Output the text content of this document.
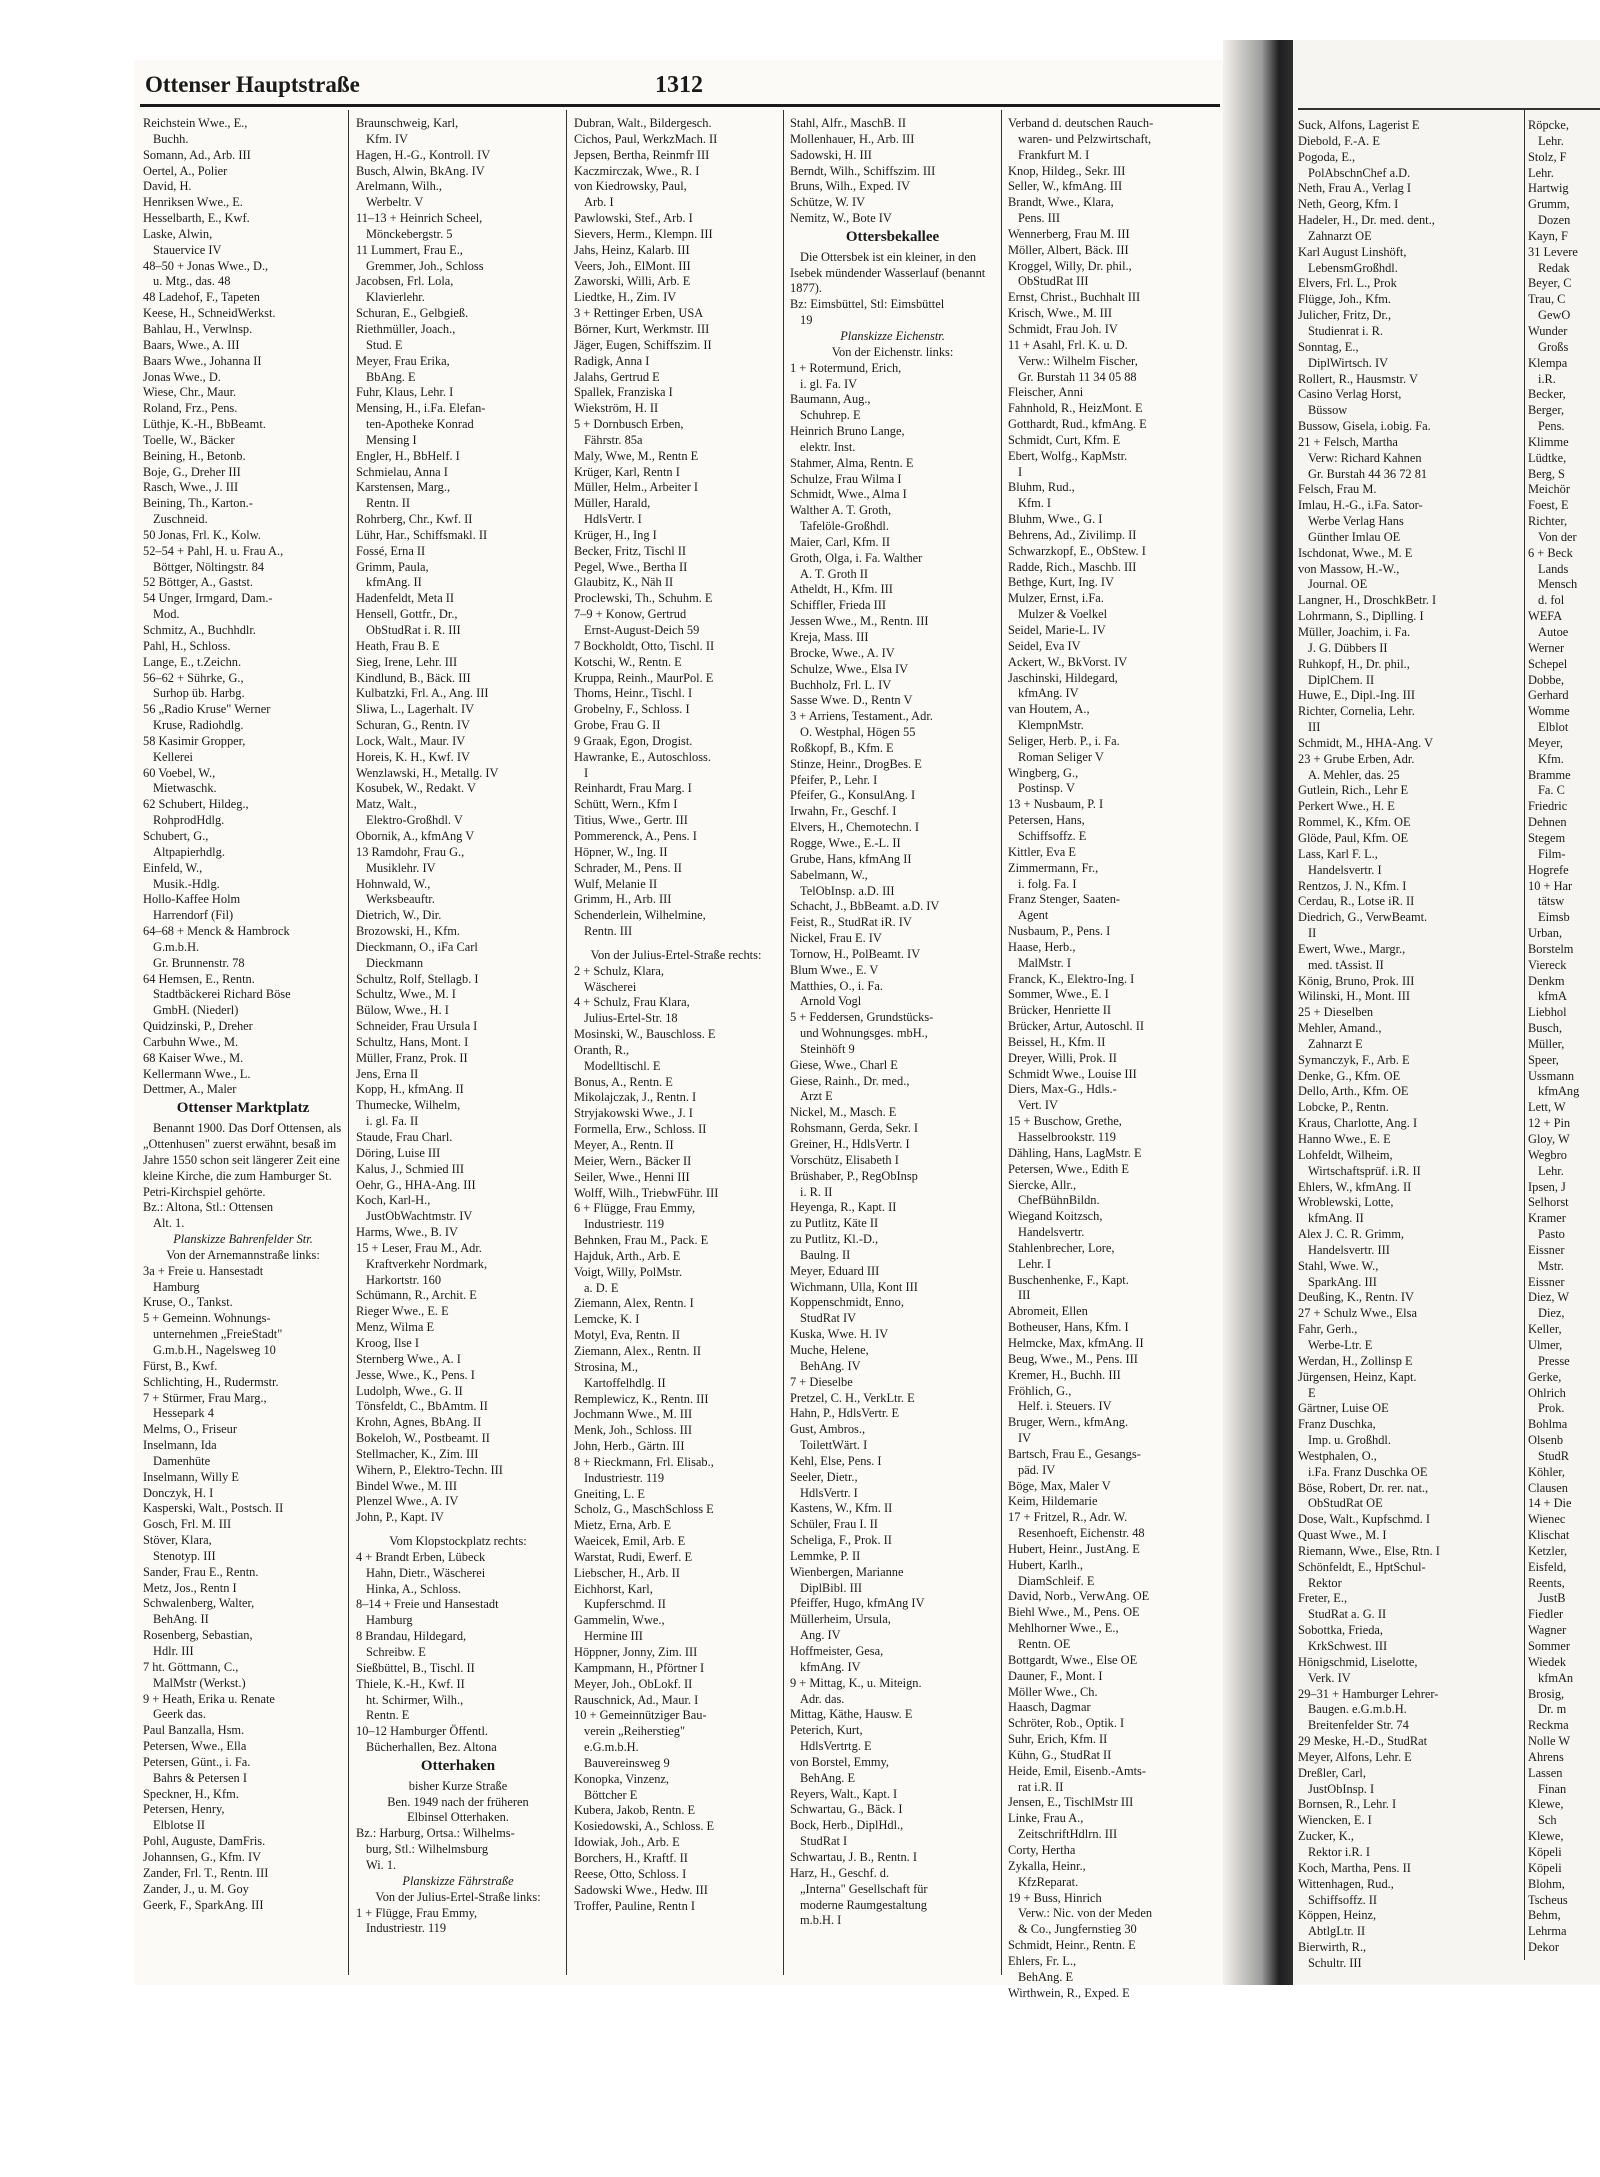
Ottenser Hauptstraße	1312
Reichstein Wwe., E.,
Buchh.
Somann, Ad., Arb. III
Oertel, A., Polier
David, H.
Henriksen Wwe., E.
Hesselbarth, E., Kwf.
Laske, Alwin,
Stauervice IV
48–50 + Jonas Wwe., D.,
u. Mtg., das. 48
48 Ladehof, F., Tapeten
Keese, H., SchneidWerkst.
Bahlau, H., Verwlnsp.
Baars, Wwe., A. III
Baars Wwe., Johanna II
Jonas Wwe., D.
Wiese, Chr., Maur.
Roland, Frz., Pens.
Lüthje, K.-H., BbBeamt.
Toelle, W., Bäcker
Beining, H., Betonb.
Boje, G., Dreher III
Rasch, Wwe., J. III
Beining, Th., Karton.-
Zuschneid.
50 Jonas, Frl. K., Kolw.
52–54 + Pahl, H. u. Frau A.,
Böttger, Nöltingstr. 84
52 Böttger, A., Gastst.
54 Unger, Irmgard, Dam.-
Mod.
Schmitz, A., Buchhdlr.
Pahl, H., Schloss.
Lange, E., t.Zeichn.
56–62 + Sührke, G.,
Surhop üb. Harbg.
56 „Radio Kruse" Werner
Kruse, Radiohdlg.
58 Kasimir Gropper,
Kellerei
60 Voebel, W.,
Mietwaschk.
62 Schubert, Hildeg.,
RohprodHdlg.
Schubert, G.,
Altpapierhdlg.
Einfeld, W.,
Musik.-Hdlg.
Hollo-Kaffee Holm
Harrendorf (Fil)
64–68 + Menck & Hambrock
G.m.b.H.
Gr. Brunnenstr. 78
64 Hemsen, E., Rentn.
Stadtbäckerei Richard Böse
GmbH. (Niederl)
Quidzinski, P., Dreher
Carbuhn Wwe., M.
68 Kaiser Wwe., M.
Kellermann Wwe., L.
Dettmer, A., Maler
Ottenser Marktplatz
Benannt 1900. Das Dorf Ottensen, als „Ottenhusen" zuerst erwähnt, besaß im Jahre 1550 schon seit längerer Zeit eine kleine Kirche, die zum Hamburger St. Petri-Kirchspiel gehörte.
Bz.: Altona, Stl.: Ottensen
Alt. 1.
Planskizze Bahrenfelder Str.
Von der Arnemannstraße links:
3a + Freie u. Hansestadt
Hamburg
Kruse, O., Tankst.
5 + Gemeinn. Wohnungs-
unternehmen „FreieStadt"
G.m.b.H., Nagelsweg 10
Fürst, B., Kwf.
Schlichting, H., Rudermstr.
7 + Stürmer, Frau Marg.,
Hessepark 4
Melms, O., Friseur
Inselmann, Ida
Damenhüte
Inselmann, Willy E
Donczyk, H. I
Kasperski, Walt., Postsch. II
Gosch, Frl. M. III
Stöver, Klara,
Stenotyp. III
Sander, Frau E., Rentn.
Metz, Jos., Rentn I
Schwalenberg, Walter,
BehAng. II
Rosenberg, Sebastian,
Hdlr. III
7 ht. Göttmann, C.,
MalMstr (Werkst.)
9 + Heath, Erika u. Renate
Geerk das.
Paul Banzalla, Hsm.
Petersen, Wwe., Ella
Petersen, Günt., i. Fa.
Bahrs & Petersen I
Speckner, H., Kfm.
Petersen, Henry,
Elblotse II
Pohl, Auguste, DamFris.
Johannsen, G., Kfm. IV
Zander, Frl. T., Rentn. III
Zander, J., u. M. Goy
Geerk, F., SparkAng. III
Braunschweig, Karl,
Kfm. IV
Hagen, H.-G., Kontroll. IV
Busch, Alwin, BkAng. IV
Arelmann, Wilh.,
Werbeltr. V
11–13 + Heinrich Scheel,
Mönckebergstr. 5
11 Lummert, Frau E.,
Gremmer, Joh., Schloss
Jacobsen, Frl. Lola,
Klavierlehr.
Schuran, E., Gelbgieß.
Riethmüller, Joach.,
Stud. E
Meyer, Frau Erika,
BbAng. E
Fuhr, Klaus, Lehr. I
Mensing, H., i.Fa. Elefan-
ten-Apotheke Konrad
Mensing I
Engler, H., BbHelf. I
Schmielau, Anna I
Karstensen, Marg.,
Rentn. II
Rohrberg, Chr., Kwf. II
Lühr, Har., Schiffsmakl. II
Fossé, Erna II
Grimm, Paula,
kfmAng. II
Hadenfeldt, Meta II
Hensell, Gottfr., Dr.,
ObStudRat i. R. III
Heath, Frau B. E
Sieg, Irene, Lehr. III
Kindlund, B., Bäck. III
Kulbatzki, Frl. A., Ang. III
Sliwa, L., Lagerhalt. IV
Schuran, G., Rentn. IV
Lock, Walt., Maur. IV
Horeis, K. H., Kwf. IV
Wenzlawski, H., Metallg. IV
Kosubek, W., Redakt. V
Matz, Walt.,
Elektro-Großhdl. V
Obornik, A., kfmAng V
13 Ramdohr, Frau G.,
Musiklehr. IV
Hohnwald, W.,
Werksbeauftr.
Dietrich, W., Dir.
Brozowski, H., Kfm.
Dieckmann, O., iFa Carl
Dieckmann
Schultz, Rolf, Stellagb. I
Schultz, Wwe., M. I
Bülow, Wwe., H. I
Schneider, Frau Ursula I
Schultz, Hans, Mont. I
Müller, Franz, Prok. II
Jens, Erna II
Kopp, H., kfmAng. II
Thumecke, Wilhelm,
i. gl. Fa. II
Staude, Frau Charl.
Döring, Luise III
Kalus, J., Schmied III
Oehr, G., HHA-Ang. III
Koch, Karl-H.,
JustObWachtmstr. IV
Harms, Wwe., B. IV
15 + Leser, Frau M., Adr.
Kraftverkehr Nordmark,
Harkortstr. 160
Schümann, R., Archit. E
Rieger Wwe., E. E
Menz, Wilma E
Kroog, Ilse I
Sternberg Wwe., A. I
Jesse, Wwe., K., Pens. I
Ludolph, Wwe., G. II
Tönsfeldt, C., BbAmtm. II
Krohn, Agnes, BbAng. II
Bokeloh, W., Postbeamt. II
Stellmacher, K., Zim. III
Wihern, P., Elektro-Techn. III
Bindel Wwe., M. III
Plenzel Wwe., A. IV
John, P., Kapt. IV
Vom Klopstockplatz rechts:
4 + Brandt Erben, Lübeck
Hahn, Dietr., Wäscherei
Hinka, A., Schloss.
8–14 + Freie und Hansestadt
Hamburg
8 Brandau, Hildegard,
Schreibw. E
Sießbüttel, B., Tischl. II
Thiele, K.-H., Kwf. II
ht. Schirmer, Wilh.,
Rentn. E
10–12 Hamburger Öffentl.
Bücherhallen, Bez. Altona
Otterhaken
bisher Kurze Straße
Ben. 1949 nach der früheren
Elbinsel Otterhaken.
Bz.: Harburg, Ortsa.: Wilhelms-
burg, Stl.: Wilhelmsburg
Wi. 1.
Planskizze Fährstraße
Von der Julius-Ertel-Straße links:
1 + Flügge, Frau Emmy,
Industriestr. 119
Dubran, Walt., Bildergesch.
Cichos, Paul, WerkzMach. II
Jepsen, Bertha, Reinmfr III
Kaczmirczak, Wwe., R. I
von Kiedrowsky, Paul,
Arb. I
Pawlowski, Stef., Arb. I
Sievers, Herm., Klempn. III
Jahs, Heinz, Kalarb. III
Veers, Joh., ElMont. III
Zaworski, Willi, Arb. E
Liedtke, H., Zim. IV
3 + Rettinger Erben, USA
Börner, Kurt, Werkmstr. III
Jäger, Eugen, Schiffszim. II
Radigk, Anna I
Jalahs, Gertrud E
Spallek, Franziska I
Wiekström, H. II
5 + Dornbusch Erben,
Fährstr. 85a
Maly, Wwe, M., Rentn E
Krüger, Karl, Rentn I
Müller, Helm., Arbeiter I
Müller, Harald,
HdlsVertr. I
Krüger, H., Ing I
Becker, Fritz, Tischl II
Pegel, Wwe., Bertha II
Glaubitz, K., Näh II
Proclewski, Th., Schuhm. E
7–9 + Konow, Gertrud
Ernst-August-Deich 59
7 Bockholdt, Otto, Tischl. II
Kotschi, W., Rentn. E
Kruppa, Reinh., MaurPol. E
Thoms, Heinr., Tischl. I
Grobelny, F., Schloss. I
Grobe, Frau G. II
9 Graak, Egon, Drogist.
Hawranke, E., Autoschloss.
I
Reinhardt, Frau Marg. I
Schütt, Wern., Kfm I
Titius, Wwe., Gertr. III
Pommerenck, A., Pens. I
Höpner, W., Ing. II
Schrader, M., Pens. II
Wulf, Melanie II
Grimm, H., Arb. III
Schenderlein, Wilhelmine,
Rentn. III
Von der Julius-Ertel-Straße rechts:
2 + Schulz, Klara,
Wäscherei
4 + Schulz, Frau Klara,
Julius-Ertel-Str. 18
Mosinski, W., Bauschloss. E
Oranth, R.,
Modelltischl. E
Bonus, A., Rentn. E
Mikolajczak, J., Rentn. I
Stryjakowski Wwe., J. I
Formella, Erw., Schloss. II
Meyer, A., Rentn. II
Meier, Wern., Bäcker II
Seiler, Wwe., Henni III
Wolff, Wilh., TriebwFühr. III
6 + Flügge, Frau Emmy,
Industriestr. 119
Behnken, Frau M., Pack. E
Hajduk, Arth., Arb. E
Voigt, Willy, PolMstr.
a. D. E
Ziemann, Alex, Rentn. I
Lemcke, K. I
Motyl, Eva, Rentn. II
Ziemann, Alex., Rentn. II
Strosina, M.,
Kartoffelhdlg. II
Remplewicz, K., Rentn. III
Jochmann Wwe., M. III
Menk, Joh., Schloss. III
John, Herb., Gärtn. III
8 + Rieckmann, Frl. Elisab.,
Industriestr. 119
Gneiting, L. E
Scholz, G., MaschSchloss E
Mietz, Erna, Arb. E
Waeicek, Emil, Arb. E
Warstat, Rudi, Ewerf. E
Liebscher, H., Arb. II
Eichhorst, Karl,
Kupferschmd. II
Gammelin, Wwe.,
Hermine III
Höppner, Jonny, Zim. III
Kampmann, H., Pförtner I
Meyer, Joh., ObLokf. II
Rauschnick, Ad., Maur. I
10 + Gemeinnütziger Bau-
verein „Reiherstieg"
e.G.m.b.H.
Bauvereinsweg 9
Konopka, Vinzenz,
Böttcher E
Kubera, Jakob, Rentn. E
Kosiedowski, A., Schloss. E
Idowiak, Joh., Arb. E
Borchers, H., Kraftf. II
Reese, Otto, Schloss. I
Sadowski Wwe., Hedw. III
Troffer, Pauline, Rentn I
Stahl, Alfr., MaschB. II
Mollenhauer, H., Arb. III
Sadowski, H. III
Berndt, Wilh., Schiffszim. III
Bruns, Wilh., Exped. IV
Schütze, W. IV
Nemitz, W., Bote IV
Ottersbekallee
Die Ottersbek ist ein kleiner, in den Isebek mündender Wasserlauf (benannt 1877).
Bz: Eimsbüttel, Stl: Eimsbüttel
19
Planskizze Eichenstr.
Von der Eichenstr. links:
1 + Rotermund, Erich,
i. gl. Fa. IV
Baumann, Aug.,
Schuhrep. E
Heinrich Bruno Lange,
elektr. Inst.
Stahmer, Alma, Rentn. E
Schulze, Frau Wilma I
Schmidt, Wwe., Alma I
Walther A. T. Groth,
Tafelöle-Großhdl.
Maier, Carl, Kfm. II
Groth, Olga, i. Fa. Walther
A. T. Groth II
Atheldt, H., Kfm. III
Schiffler, Frieda III
Jessen Wwe., M., Rentn. III
Kreja, Mass. III
Brocke, Wwe., A. IV
Schulze, Wwe., Elsa IV
Buchholz, Frl. L. IV
Sasse Wwe. D., Rentn V
3 + Arriens, Testament., Adr.
O. Westphal, Högen 55
Roßkopf, B., Kfm. E
Stinze, Heinr., DrogBes. E
Pfeifer, P., Lehr. I
Pfeifer, G., KonsulAng. I
Irwahn, Fr., Geschf. I
Elvers, H., Chemotechn. I
Rogge, Wwe., E.-L. II
Grube, Hans, kfmAng II
Sabelmann, W.,
TelObInsp. a.D. III
Schacht, J., BbBeamt. a.D. IV
Feist, R., StudRat iR. IV
Nickel, Frau E. IV
Tornow, H., PolBeamt. IV
Blum Wwe., E. V
Matthies, O., i. Fa.
Arnold Vogl
5 + Feddersen, Grundstücks-
und Wohnungsges. mbH.,
Steinhöft 9
Giese, Wwe., Charl E
Giese, Rainh., Dr. med.,
Arzt E
Nickel, M., Masch. E
Rohsmann, Gerda, Sekr. I
Greiner, H., HdlsVertr. I
Vorschütz, Elisabeth I
Brüshaber, P., RegObInsp
i. R. II
Heyenga, R., Kapt. II
zu Putlitz, Käte II
zu Putlitz, Kl.-D.,
Baulng. II
Meyer, Eduard III
Wichmann, Ulla, Kont III
Koppenschmidt, Enno,
StudRat IV
Kuska, Wwe. H. IV
Muche, Helene,
BehAng. IV
7 + Dieselbe
Pretzel, C. H., VerkLtr. E
Hahn, P., HdlsVertr. E
Gust, Ambros.,
ToilettWärt. I
Kehl, Else, Pens. I
Seeler, Dietr.,
HdlsVertr. I
Kastens, W., Kfm. II
Schüler, Frau I. II
Scheliga, F., Prok. II
Lemmke, P. II
Wienbergen, Marianne
DiplBibl. III
Pfeiffer, Hugo, kfmAng IV
Müllerheim, Ursula,
Ang. IV
Hoffmeister, Gesa,
kfmAng. IV
9 + Mittag, K., u. Miteign.
Adr. das.
Mittag, Käthe, Hausw. E
Peterich, Kurt,
HdlsVertrtg. E
von Borstel, Emmy,
BehAng. E
Reyers, Walt., Kapt. I
Schwartau, G., Bäck. I
Bock, Herb., DiplHdl.,
StudRat I
Schwartau, J. B., Rentn. I
Harz, H., Geschf. d.
„Interna" Gesellschaft für
moderne Raumgestaltung
m.b.H. I
Verband d. deutschen Rauch-
waren- und Pelzwirtschaft,
Frankfurt M. I
Knop, Hildeg., Sekr. III
Seller, W., kfmAng. III
Brandt, Wwe., Klara,
Pens. III
Wennerberg, Frau M. III
Möller, Albert, Bäck. III
Kroggel, Willy, Dr. phil.,
ObStudRat III
Ernst, Christ., Buchhalt III
Krisch, Wwe., M. III
Schmidt, Frau Joh. IV
11 + Asahl, Frl. K. u. D.
Verw.: Wilhelm Fischer,
Gr. Burstah 11 34 05 88
Fleischer, Anni
Fahnhold, R., HeizMont. E
Gotthardt, Rud., kfmAng. E
Schmidt, Curt, Kfm. E
Ebert, Wolfg., KapMstr.
I
Bluhm, Rud.,
Kfm. I
Bluhm, Wwe., G. I
Behrens, Ad., Zivilimp. II
Schwarzkopf, E., ObStew. I
Radde, Rich., Maschb. III
Bethge, Kurt, Ing. IV
Mulzer, Ernst, i.Fa.
Mulzer & Voelkel
Seidel, Marie-L. IV
Seidel, Eva IV
Ackert, W., BkVorst. IV
Jaschinski, Hildegard,
kfmAng. IV
van Houtem, A.,
KlempnMstr.
Seliger, Herb. P., i. Fa.
Roman Seliger V
Wingberg, G.,
Postinsp. V
13 + Nusbaum, P. I
Petersen, Hans,
Schiffsoffz. E
Kittler, Eva E
Zimmermann, Fr.,
i. folg. Fa. I
Franz Stenger, Saaten-
Agent
Nusbaum, P., Pens. I
Haase, Herb.,
MalMstr. I
Franck, K., Elektro-Ing. I
Sommer, Wwe., E. I
Brücker, Henriette II
Brücker, Artur, Autoschl. II
Beissel, H., Kfm. II
Dreyer, Willi, Prok. II
Schmidt Wwe., Louise III
Diers, Max-G., Hdls.-
Vert. IV
15 + Buschow, Grethe,
Hasselbrookstr. 119
Dähling, Hans, LagMstr. E
Petersen, Wwe., Edith E
Siercke, Allr.,
ChefBühnBildn.
Wiegand Koitzsch,
Handelsvertr.
Stahlenbrecher, Lore,
Lehr. I
Buschenhenke, F., Kapt.
III
Abromeit, Ellen
Botheuser, Hans, Kfm. I
Helmcke, Max, kfmAng. II
Beug, Wwe., M., Pens. III
Kremer, H., Buchh. III
Fröhlich, G.,
Helf. i. Steuers. IV
Bruger, Wern., kfmAng.
IV
Bartsch, Frau E., Gesangs-
päd. IV
Böge, Max, Maler V
Keim, Hildemarie
17 + Fritzel, R., Adr. W.
Resenhoeft, Eichenstr. 48
Hubert, Heinr., JustAng. E
Hubert, Karlh.,
DiamSchleif. E
David, Norb., VerwAng. OE
Biehl Wwe., M., Pens. OE
Mehlhorner Wwe., E.,
Rentn. OE
Bottgardt, Wwe., Else OE
Dauner, F., Mont. I
Möller Wwe., Ch.
Haasch, Dagmar
Schröter, Rob., Optik. I
Suhr, Erich, Kfm. II
Kühn, G., StudRat II
Heide, Emil, Eisenb.-Amts-
rat i.R. II
Jensen, E., TischlMstr III
Linke, Frau A.,
ZeitschriftHdlrn. III
Corty, Hertha
Zykalla, Heinr.,
KfzReparat.
19 + Buss, Hinrich
Verw.: Nic. von der Meden
& Co., Jungfernstieg 30
Schmidt, Heinr., Rentn. E
Ehlers, Fr. L.,
BehAng. E
Wirthwein, R., Exped. E
Suck, Alfons, Lagerist E
Diebold, F.-A. E
Pogoda, E.,
PolAbschnChef a.D.
Neth, Frau A., Verlag I
Neth, Georg, Kfm. I
Hadeler, H., Dr. med. dent.,
Zahnarzt OE
Karl August Linshöft,
LebensmGroßhdl.
Elvers, Frl. L., Prok
Flügge, Joh., Kfm.
Julicher, Fritz, Dr.,
Studienrat i. R.
Sonntag, E.,
DiplWirtsch. IV
Rollert, R., Hausmstr. V
Casino Verlag Horst,
Büssow
Bussow, Gisela, i.obig. Fa.
21 + Felsch, Martha
Verw: Richard Kahnen
Gr. Burstah 44 36 72 81
Felsch, Frau M.
Imlau, H.-G., i.Fa. Sator-
Werbe Verlag Hans
Günther Imlau OE
Ischdonat, Wwe., M. E
von Massow, H.-W.,
Journal. OE
Langner, H., DroschkBetr. I
Lohrmann, S., Diplling. I
Müller, Joachim, i. Fa.
J. G. Dübbers II
Ruhkopf, H., Dr. phil.,
DiplChem. II
Huwe, E., Dipl.-Ing. III
Richter, Cornelia, Lehr.
III
Schmidt, M., HHA-Ang. V
23 + Grube Erben, Adr.
A. Mehler, das. 25
Gutlein, Rich., Lehr E
Perkert Wwe., H. E
Rommel, K., Kfm. OE
Glöde, Paul, Kfm. OE
Lass, Karl F. L.,
Handelsvertr. I
Rentzos, J. N., Kfm. I
Cerdau, R., Lotse iR. II
Diedrich, G., VerwBeamt.
II
Ewert, Wwe., Margr.,
med. tAssist. II
König, Bruno, Prok. III
Wilinski, H., Mont. III
25 + Dieselben
Mehler, Amand.,
Zahnarzt E
Symanczyk, F., Arb. E
Denke, G., Kfm. OE
Dello, Arth., Kfm. OE
Lobcke, P., Rentn.
Kraus, Charlotte, Ang. I
Hanno Wwe., E. E
Lohfeldt, Wilheim,
Wirtschaftsprüf. i.R. II
Ehlers, W., kfmAng. II
Wroblewski, Lotte,
kfmAng. II
Alex J. C. R. Grimm,
Handelsvertr. III
Stahl, Wwe. W.,
SparkAng. III
Deußing, K., Rentn. IV
27 + Schulz Wwe., Elsa
Fahr, Gerh.,
Werbe-Ltr. E
Werdan, H., Zollinsp E
Jürgensen, Heinz, Kapt.
E
Gärtner, Luise OE
Franz Duschka,
Imp. u. Großhdl.
Westphalen, O.,
i.Fa. Franz Duschka OE
Böse, Robert, Dr. rer. nat.,
ObStudRat OE
Dose, Walt., Kupfschmd. I
Quast Wwe., M. I
Riemann, Wwe., Else, Rtn. I
Schönfeldt, E., HptSchul-
Rektor
Freter, E.,
StudRat a. G. II
Sobottka, Frieda,
KrkSchwest. III
Hönigschmid, Liselotte,
Verk. IV
29–31 + Hamburger Lehrer-
Baugen. e.G.m.b.H.
Breitenfelder Str. 74
29 Meske, H.-D., StudRat
Meyer, Alfons, Lehr. E
Dreßler, Carl,
JustObInsp. I
Bornsen, R., Lehr. I
Wiencken, E. I
Zucker, K.,
Rektor i.R. I
Koch, Martha, Pens. II
Wittenhagen, Rud.,
Schiffsoffz. II
Köppen, Heinz,
AbtlgLtr. II
Bierwirth, R.,
Schultr. III
Röpcke,
Lehr.
Stolz, F
Lehr.
Hartwig
Grumm,
Dozen
Kayn, F
31 Levere
Redak
Beyer, C
Trau, C
GewO
Wunder
Großs
Klempa
i.R.
Becker,
Berger,
Pens.
Klimme
Lüdtke,
Berg, S
Meichör
Foest, E
Richter,
Von der
6 + Beck
Lands
Mensch
d. fol
WEFA
Autoe
Werner
Schepel
Dobbe,
Gerhard
Womme
Elblot
Meyer,
Kfm.
Bramme
Fa. C
Friedric
Dehnen
Stegem
Film-
Hogrefe
10 + Har
tätsw
Eimsb
Urban,
Borstelm
Viereck
Denkm
kfmA
Liebhol
Busch,
Müller,
Speer,
Ussmann
kfmAng
Lett, W
12 + Pin
Gloy, W
Wegbro
Lehr.
Ipsen, J
Selhorst
Kramer
Pasto
Eissner
Mstr.
Eissner
Diez, W
Diez,
Keller,
Ulmer,
Presse
Gerke,
Ohlrich
Prok.
Bohlma
Olsenb
StudR
Köhler,
Clausen
14 + Die
Wienec
Klischat
Ketzler,
Eisfeld,
Reents,
JustB
Fiedler
Wagner
Sommer
Wiedek
kfmAn
Brosig,
Dr. m
Reckma
Nolle W
Ahrens
Lassen
Finan
Klewe,
Sch
Klewe,
Köpeli
Köpeli
Blohm,
Tscheus
Behm,
Lehrma
Dekor
